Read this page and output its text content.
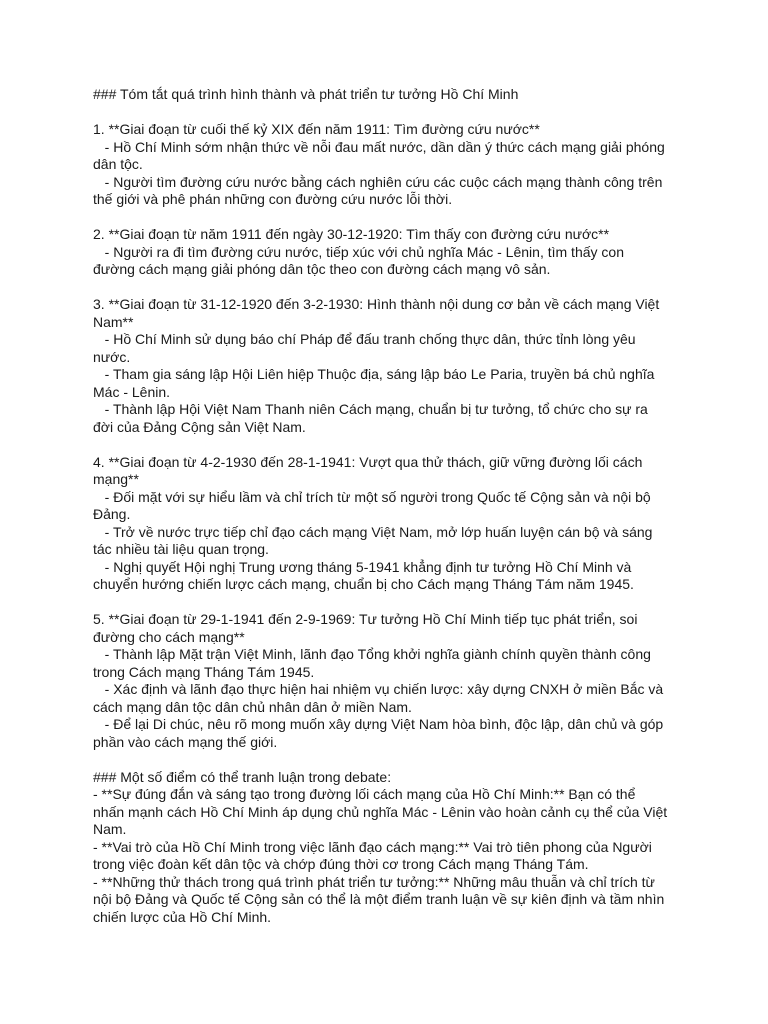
### Tóm tắt quá trình hình thành và phát triển tư tưởng Hồ Chí Minh
1. **Giai đoạn từ cuối thế kỷ XIX đến năm 1911: Tìm đường cứu nước**
- Hồ Chí Minh sớm nhận thức về nỗi đau mất nước, dần dần ý thức cách mạng giải phóng
dân tộc.
- Người tìm đường cứu nước bằng cách nghiên cứu các cuộc cách mạng thành công trên
thế giới và phê phán những con đường cứu nước lỗi thời.
2. **Giai đoạn từ năm 1911 đến ngày 30-12-1920: Tìm thấy con đường cứu nước**
- Người ra đi tìm đường cứu nước, tiếp xúc với chủ nghĩa Mác - Lênin, tìm thấy con
đường cách mạng giải phóng dân tộc theo con đường cách mạng vô sản.
3. **Giai đoạn từ 31-12-1920 đến 3-2-1930: Hình thành nội dung cơ bản về cách mạng Việt
Nam**
- Hồ Chí Minh sử dụng báo chí Pháp để đấu tranh chống thực dân, thức tỉnh lòng yêu
nước.
- Tham gia sáng lập Hội Liên hiệp Thuộc địa, sáng lập báo Le Paria, truyền bá chủ nghĩa
Mác - Lênin.
- Thành lập Hội Việt Nam Thanh niên Cách mạng, chuẩn bị tư tưởng, tổ chức cho sự ra
đời của Đảng Cộng sản Việt Nam.
4. **Giai đoạn từ 4-2-1930 đến 28-1-1941: Vượt qua thử thách, giữ vững đường lối cách
mạng**
- Đối mặt với sự hiểu lầm và chỉ trích từ một số người trong Quốc tế Cộng sản và nội bộ
Đảng.
- Trở về nước trực tiếp chỉ đạo cách mạng Việt Nam, mở lớp huấn luyện cán bộ và sáng
tác nhiều tài liệu quan trọng.
- Nghị quyết Hội nghị Trung ương tháng 5-1941 khẳng định tư tưởng Hồ Chí Minh và
chuyển hướng chiến lược cách mạng, chuẩn bị cho Cách mạng Tháng Tám năm 1945.
5. **Giai đoạn từ 29-1-1941 đến 2-9-1969: Tư tưởng Hồ Chí Minh tiếp tục phát triển, soi
đường cho cách mạng**
- Thành lập Mặt trận Việt Minh, lãnh đạo Tổng khởi nghĩa giành chính quyền thành công
trong Cách mạng Tháng Tám 1945.
- Xác định và lãnh đạo thực hiện hai nhiệm vụ chiến lược: xây dựng CNXH ở miền Bắc và
cách mạng dân tộc dân chủ nhân dân ở miền Nam.
- Để lại Di chúc, nêu rõ mong muốn xây dựng Việt Nam hòa bình, độc lập, dân chủ và góp
phần vào cách mạng thế giới.
### Một số điểm có thể tranh luận trong debate:
- **Sự đúng đắn và sáng tạo trong đường lối cách mạng của Hồ Chí Minh:** Bạn có thể
nhấn mạnh cách Hồ Chí Minh áp dụng chủ nghĩa Mác - Lênin vào hoàn cảnh cụ thể của Việt
Nam.
- **Vai trò của Hồ Chí Minh trong việc lãnh đạo cách mạng:** Vai trò tiên phong của Người
trong việc đoàn kết dân tộc và chớp đúng thời cơ trong Cách mạng Tháng Tám.
- **Những thử thách trong quá trình phát triển tư tưởng:** Những mâu thuẫn và chỉ trích từ
nội bộ Đảng và Quốc tế Cộng sản có thể là một điểm tranh luận về sự kiên định và tầm nhìn
chiến lược của Hồ Chí Minh.
